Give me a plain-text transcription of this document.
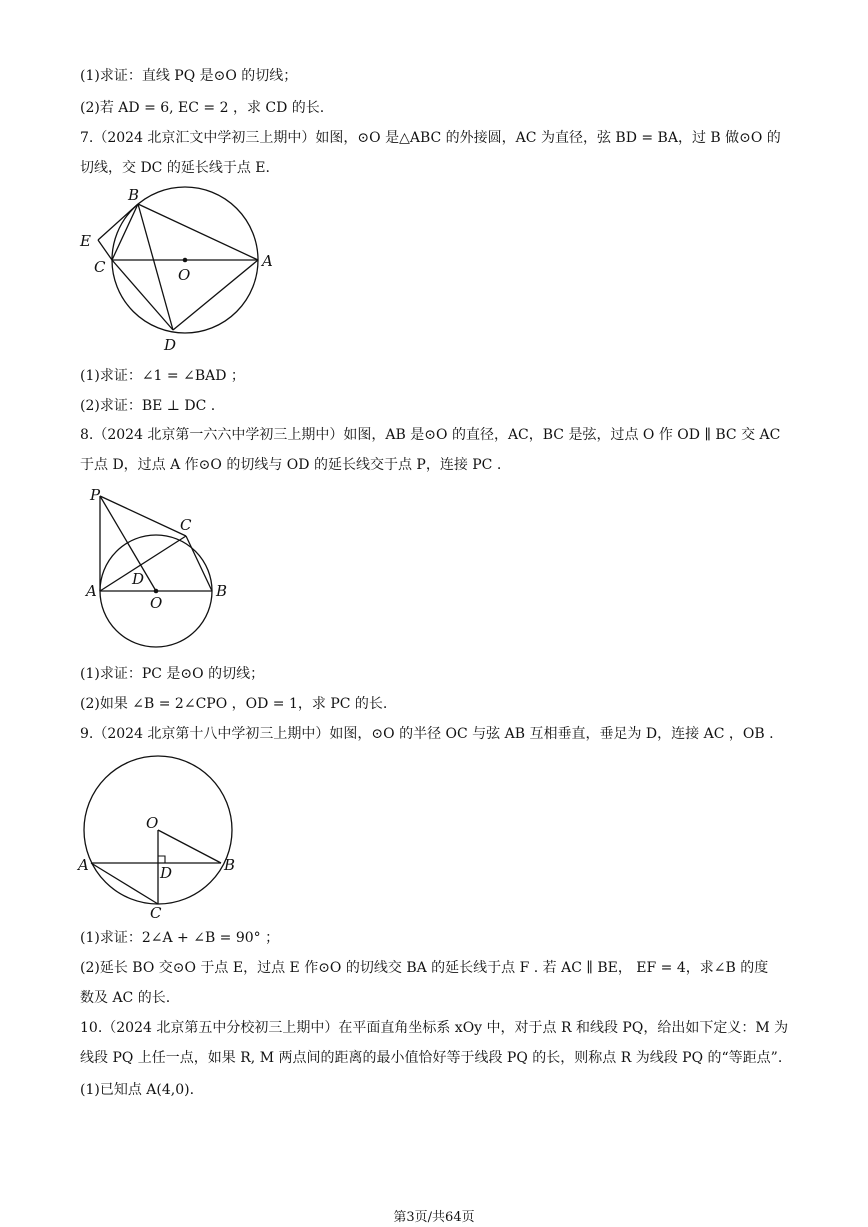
(1)求证：直线 PQ 是⊙O 的切线；
(2)若 AD = 6, EC = 2 ，求 CD 的长.
7.（2024 北京汇文中学初三上期中）如图，⊙O 是△ABC 的外接圆，AC 为直径，弦 BD = BA，过 B 做⊙O 的
切线，交 DC 的延长线于点 E.
B
E
C	O
A
D
(1)求证：∠1 = ∠BAD ；
(2)求证：BE ⊥ DC .
8.（2024 北京第一六六中学初三上期中）如图，AB 是⊙O 的直径，AC，BC 是弦，过点 O 作 OD ∥ BC 交 AC
于点 D，过点 A 作⊙O 的切线与 OD 的延长线交于点 P，连接 PC .
P
C
D
A
O
B
(1)求证：PC 是⊙O 的切线；
(2)如果 ∠B = 2∠CPO ，OD = 1，求 PC 的长.
9.（2024 北京第十八中学初三上期中）如图，⊙O 的半径 OC 与弦 AB 互相垂直，垂足为 D，连接 AC ，OB .
O
A	D	B
C
(1)求证：2∠A + ∠B = 90° ；
(2)延长 BO 交⊙O 于点 E，过点 E 作⊙O 的切线交 BA 的延长线于点 F . 若 AC ∥ BE， EF = 4，求∠B 的度
数及 AC 的长.
10.（2024 北京第五中分校初三上期中）在平面直角坐标系 xOy 中，对于点 R 和线段 PQ，给出如下定义：M 为
线段 PQ 上任一点，如果 R, M 两点间的距离的最小值恰好等于线段 PQ 的长，则称点 R 为线段 PQ 的“等距点”.
(1)已知点 A(4,0).
第3页/共64页
